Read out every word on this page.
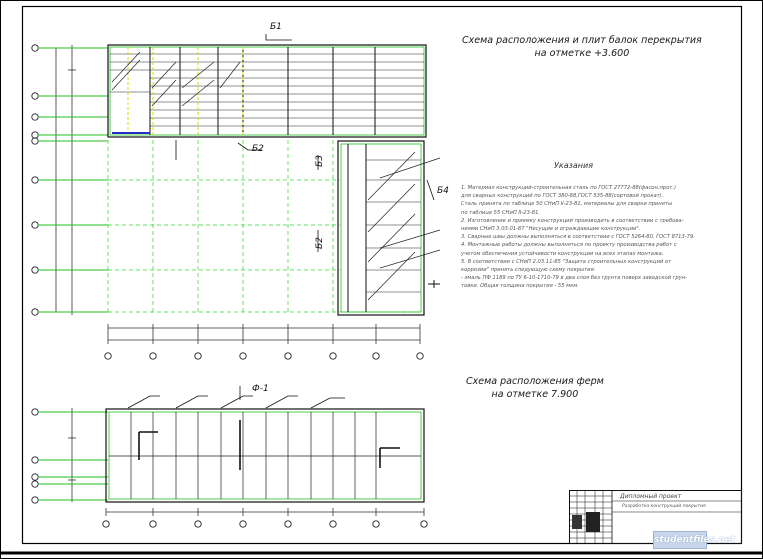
Схема расположения и плит балок перекрытия
на отметке +3.600
Схема расположения ферм
на отметке 7.900
Б1
Б2
Б3
Б4
Б2
Ф-1
Указания
1. Материал конструкций-строительная сталь по ГОСТ 27772-88(фасон.прот.)
для сварных конструкций по ГОСТ 380-88,ГОСТ 535-88(сортовой прокат).
Сталь принята по таблице 50 СНиП II-23-81, материалы для сварки приняты
по таблице 55 СНиП II-23-81.
2. Изготовление и приемку конструкций производить в соответствии с требова-
ниями СНиП 3.03.01-87 "Несущие и ограждающие конструкции".
3. Сварные швы должны выполняться в соответствии с ГОСТ 5264-80, ГОСТ 8713-79.
4. Монтажные работы должны выполняться по проекту производства работ с
учетом обеспечения устойчивости конструкции на всех этапах монтажа.
5. В соответствии с СНиП 2.03.11-85 "Защита строительных конструкций от
коррозии" принять следующую схему покрытия:
- эмаль ПФ 1189 по ТУ 6-10-1710-79 в два слоя без грунта поверх заводской грун-
товки. Общая толщина покрытия - 55 мкм.
Дипломный проект
Разработка конструкций покрытия
studentfiles.net
